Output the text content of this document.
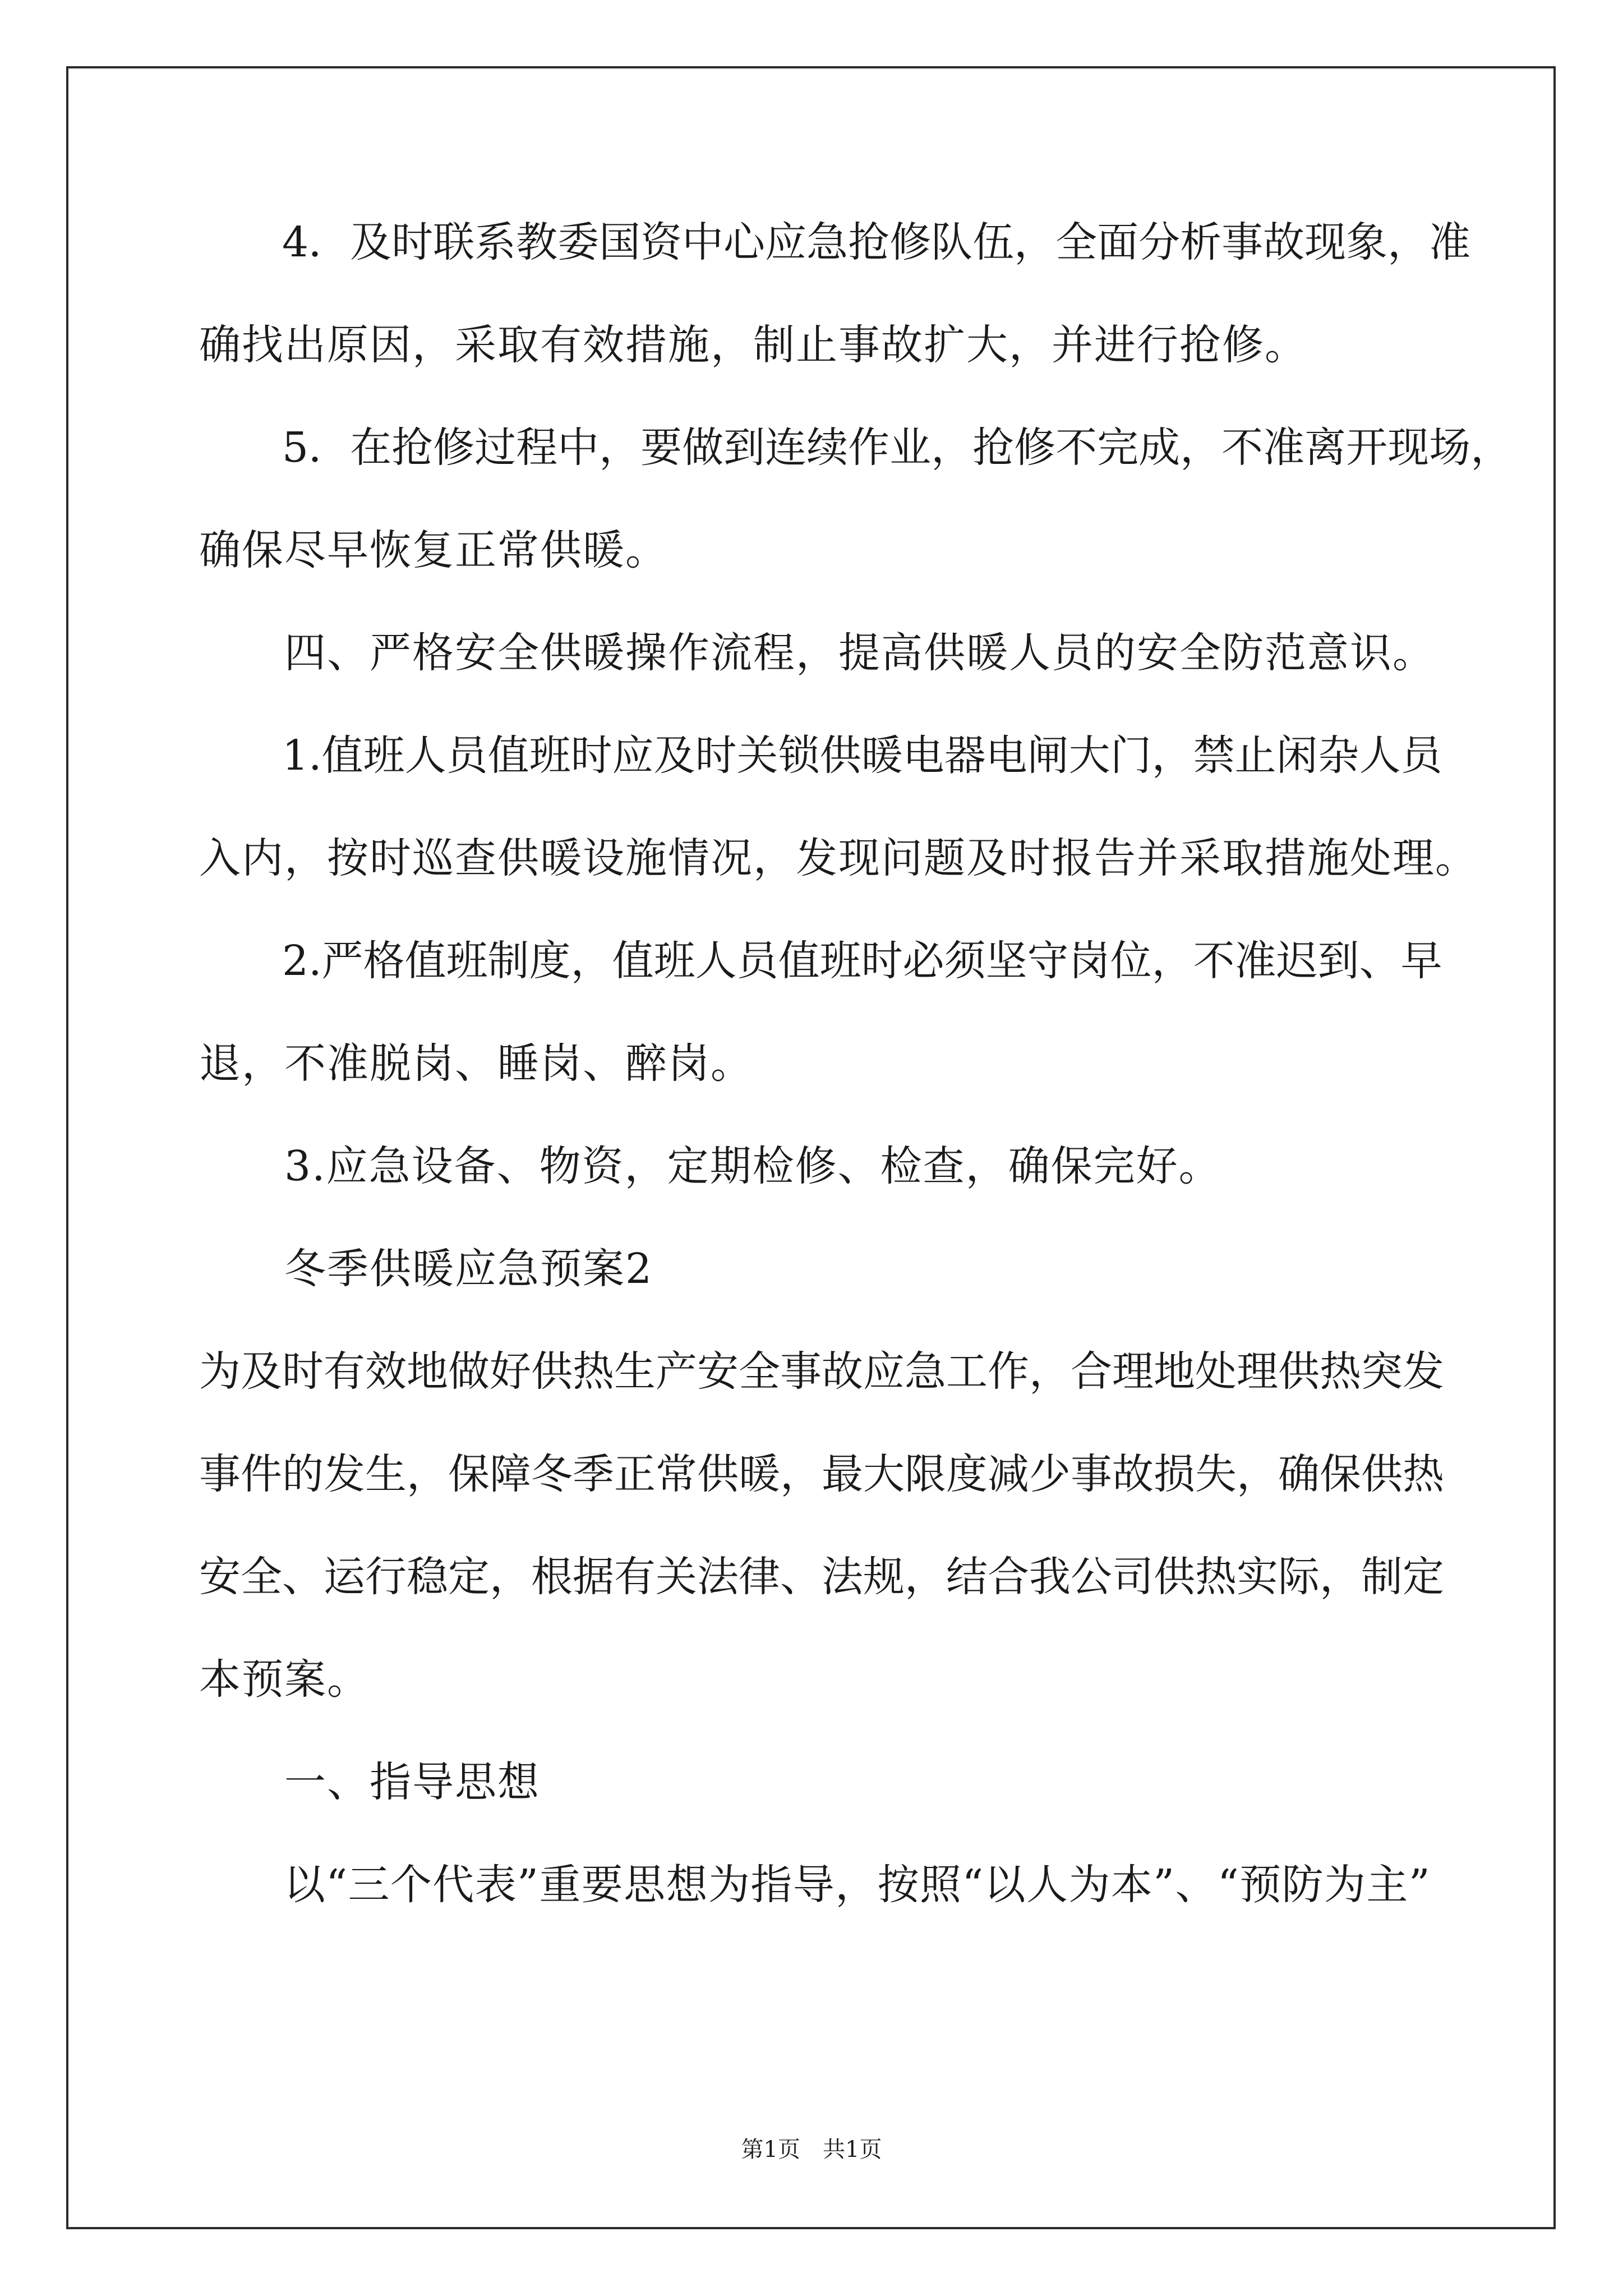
4 ． 及 时 联 系 教 委 国 资 中 心 应 急 抢 修 队 伍 ， 全 面 分 析 事 故 现 象 ， 准
确找出原因，采取有效措施，制止事故扩大，并进行抢修。

5 ． 在 抢 修 过 程 中 ， 要 做 到 连 续 作 业 ， 抢 修 不 完 成 ， 不 准 离 开 现 场 ，
确保尽早恢复正常供暖。
　　四、严格安全供暖操作流程，提高供暖人员的安全防范意识。

1 . 值 班 人 员 值 班 时 应 及 时 关 锁 供 暖 电 器 电 闸 大 门 ， 禁 止 闲 杂 人 员
入内，按时巡查供暖设施情况，发现问题及时报告并采取措施处理。

2 . 严 格 值 班 制 度 ， 值 班 人 员 值 班 时 必 须 坚 守 岗 位 ， 不 准 迟 到 、 早
退，不准脱岗、睡岗、醉岗。
　　3.应急设备、物资，定期检修、检查，确保完好。
　　冬季供暖应急预案2
为 及 时 有 效 地 做 好 供 热 生 产 安 全 事 故 应 急 工 作 ， 合 理 地 处 理 供 热 突 发
事 件 的 发 生 ， 保 障 冬 季 正 常 供 暖 ， 最 大 限 度 减 少 事 故 损 失 ， 确 保 供 热
安 全 、 运 行 稳 定 ， 根 据 有 关 法 律 、 法 规 ， 结 合 我 公 司 供 热 实 际 ， 制 定
本预案。
　　一、指导思想

以 “ 三 个 代 表 ” 重 要 思 想 为 指 导 ， 按 照 “ 以 人 为 本 ” 、 “ 预 防 为 主 ”
第1页　共1页
